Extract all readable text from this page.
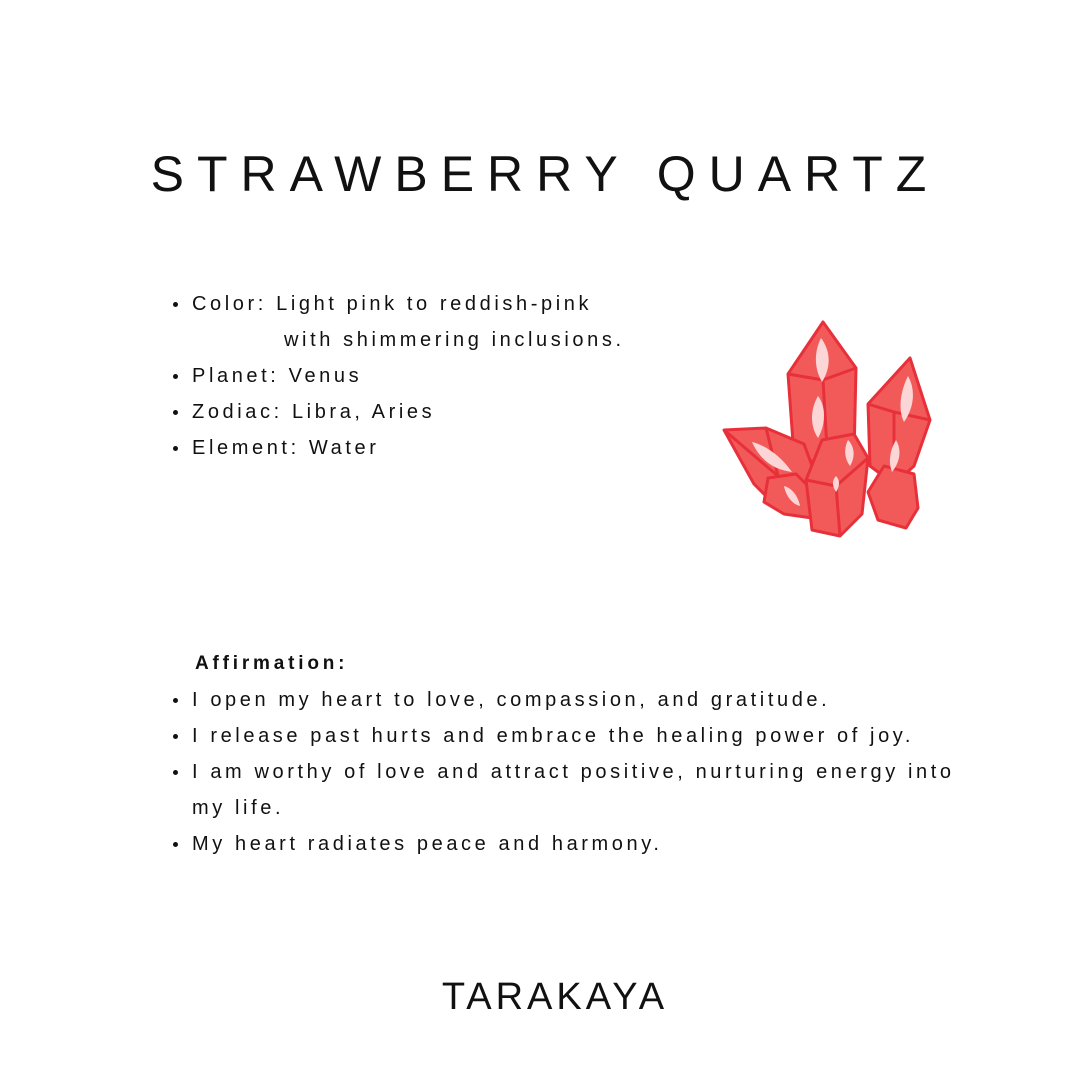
STRAWBERRY QUARTZ
Color: Light pink to reddish-pink
with shimmering inclusions.
Planet: Venus
Zodiac: Libra, Aries
Element: Water

Affirmation:

I open my heart to love, compassion, and gratitude.
I release past hurts and embrace the healing power of joy.
I am worthy of love and attract positive, nurturing energy into my life.
My heart radiates peace and harmony.

TARAKAYA
